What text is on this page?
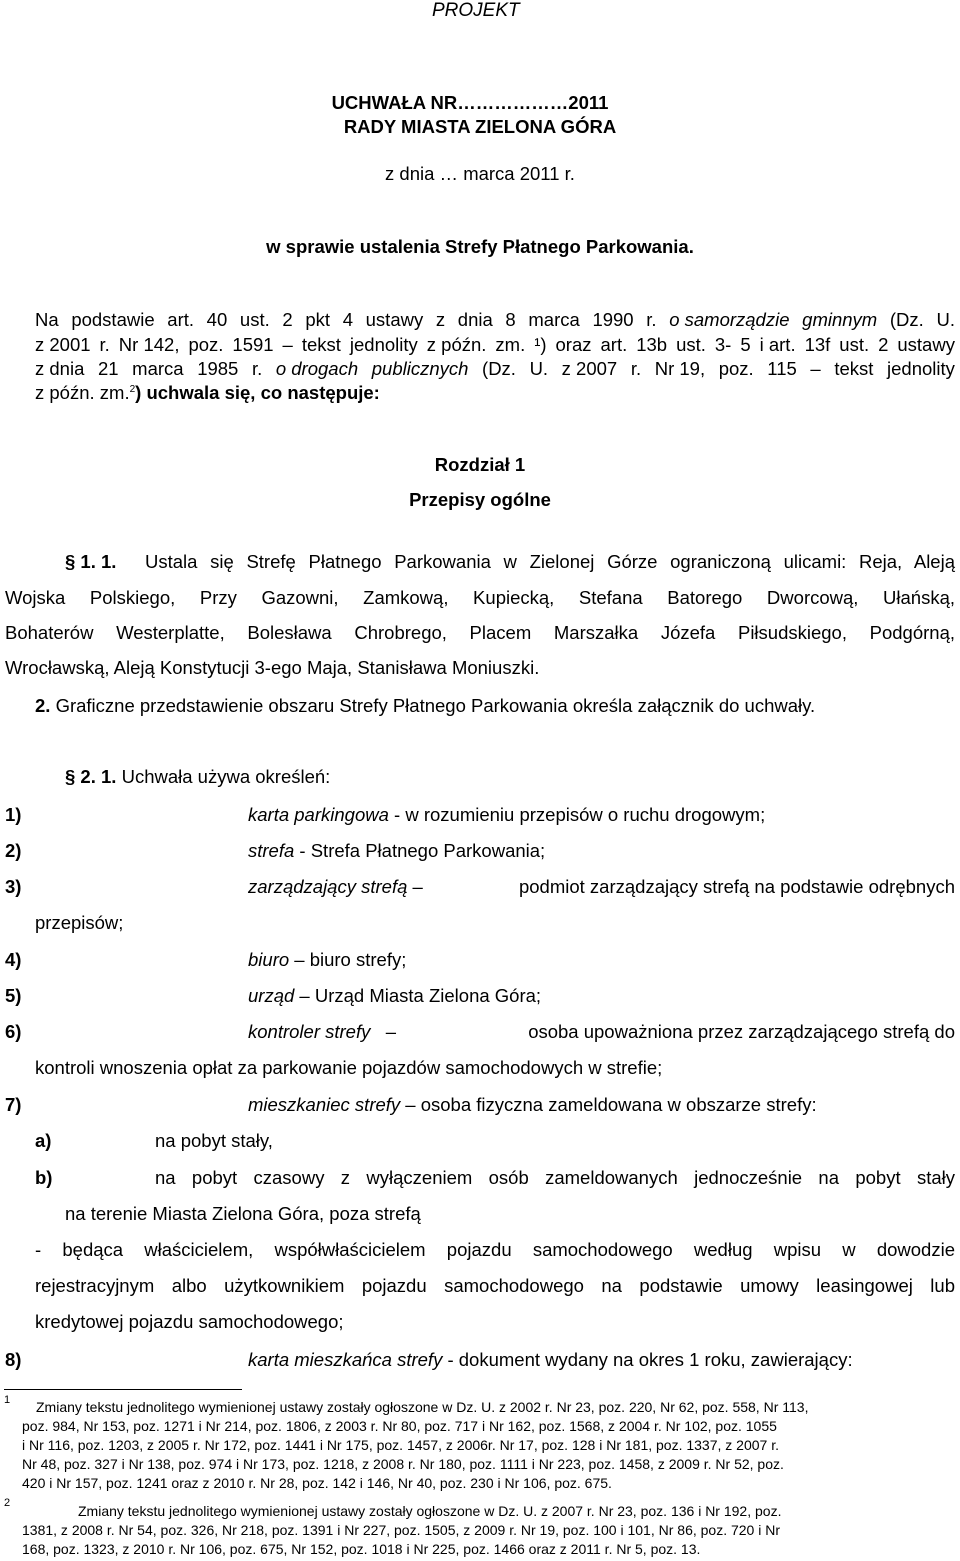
PROJEKT
UCHWAŁA NR………………2011
RADY MIASTA ZIELONA GÓRA
z dnia … marca 2011 r.
w sprawie ustalenia Strefy Płatnego Parkowania.
Na podstawie art. 40 ust. 2 pkt 4 ustawy z dnia 8 marca 1990 r. o samorządzie gminnym (Dz. U.
z 2001 r. Nr 142, poz. 1591 – tekst jednolity z późn. zm. ¹) oraz art. 13b ust. 3- 5 i art. 13f ust. 2 ustawy
z dnia 21 marca 1985 r. o drogach publicznych (Dz. U. z 2007 r. Nr 19, poz. 115 – tekst jednolity
z późn. zm.$^2$) uchwala się, co następuje:
Rozdział 1
Przepisy ogólne
§ 1. 1. Ustala się Strefę Płatnego Parkowania w Zielonej Górze ograniczoną ulicami: Reja, Aleją
Wojska Polskiego, Przy Gazowni, Zamkową, Kupiecką, Stefana Batorego Dworcową, Ułańską,
Bohaterów Westerplatte, Bolesława Chrobrego, Placem Marszałka Józefa Piłsudskiego, Podgórną,
Wrocławską, Aleją Konstytucji 3-ego Maja, Stanisława Moniuszki.
2. Graficzne przedstawienie obszaru Strefy Płatnego Parkowania określa załącznik do uchwały.
§ 2. 1. Uchwała używa określeń:
1)	karta parkingowa - w rozumieniu przepisów o ruchu drogowym;
2)	strefa - Strefa Płatnego Parkowania;
3)	zarządzający strefą –	podmiot zarządzający strefą na podstawie odrębnych
przepisów;
4)	biuro – biuro strefy;
5)	urząd – Urząd Miasta Zielona Góra;
6)	kontroler strefy   –	osoba upoważniona przez zarządzającego strefą do
kontroli wnoszenia opłat za parkowanie pojazdów samochodowych w strefie;
7)	mieszkaniec strefy – osoba fizyczna zameldowana w obszarze strefy:
a)	na pobyt stały,
b)	na pobyt czasowy z wyłączeniem osób zameldowanych jednocześnie na pobyt stały
na terenie Miasta Zielona Góra, poza strefą
- będąca właścicielem, współwłaścicielem pojazdu samochodowego według wpisu w dowodzie
rejestracyjnym albo użytkownikiem pojazdu samochodowego na podstawie umowy leasingowej lub
kredytowej pojazdu samochodowego;
8)	karta mieszkańca strefy - dokument wydany na okres 1 roku, zawierający:
1 Zmiany tekstu jednolitego wymienionej ustawy zostały ogłoszone w Dz. U. z 2002 r. Nr 23, poz. 220, Nr 62, poz. 558, Nr 113,
poz. 984, Nr 153, poz. 1271 i Nr 214, poz. 1806, z 2003 r. Nr 80, poz. 717 i Nr 162, poz. 1568, z 2004 r. Nr 102, poz. 1055
i Nr 116, poz. 1203, z 2005 r. Nr 172, poz. 1441 i Nr 175, poz. 1457, z 2006r. Nr 17, poz. 128 i Nr 181, poz. 1337, z 2007 r.
Nr 48, poz. 327 i Nr 138, poz. 974 i Nr 173, poz. 1218, z 2008 r. Nr 180, poz. 1111 i Nr 223, poz. 1458, z 2009 r. Nr 52, poz.
420 i Nr 157, poz. 1241 oraz z 2010 r. Nr 28, poz. 142 i 146, Nr 40, poz. 230 i Nr 106, poz. 675.
2	Zmiany tekstu jednolitego wymienionej ustawy zostały ogłoszone w Dz. U. z 2007 r. Nr 23, poz. 136 i Nr 192, poz.
1381, z 2008 r. Nr 54, poz. 326, Nr 218, poz. 1391 i Nr 227, poz. 1505, z 2009 r. Nr 19, poz. 100 i 101, Nr 86, poz. 720 i Nr
168, poz. 1323, z 2010 r. Nr 106, poz. 675, Nr 152, poz. 1018 i Nr 225, poz. 1466 oraz z 2011 r. Nr 5, poz. 13.
